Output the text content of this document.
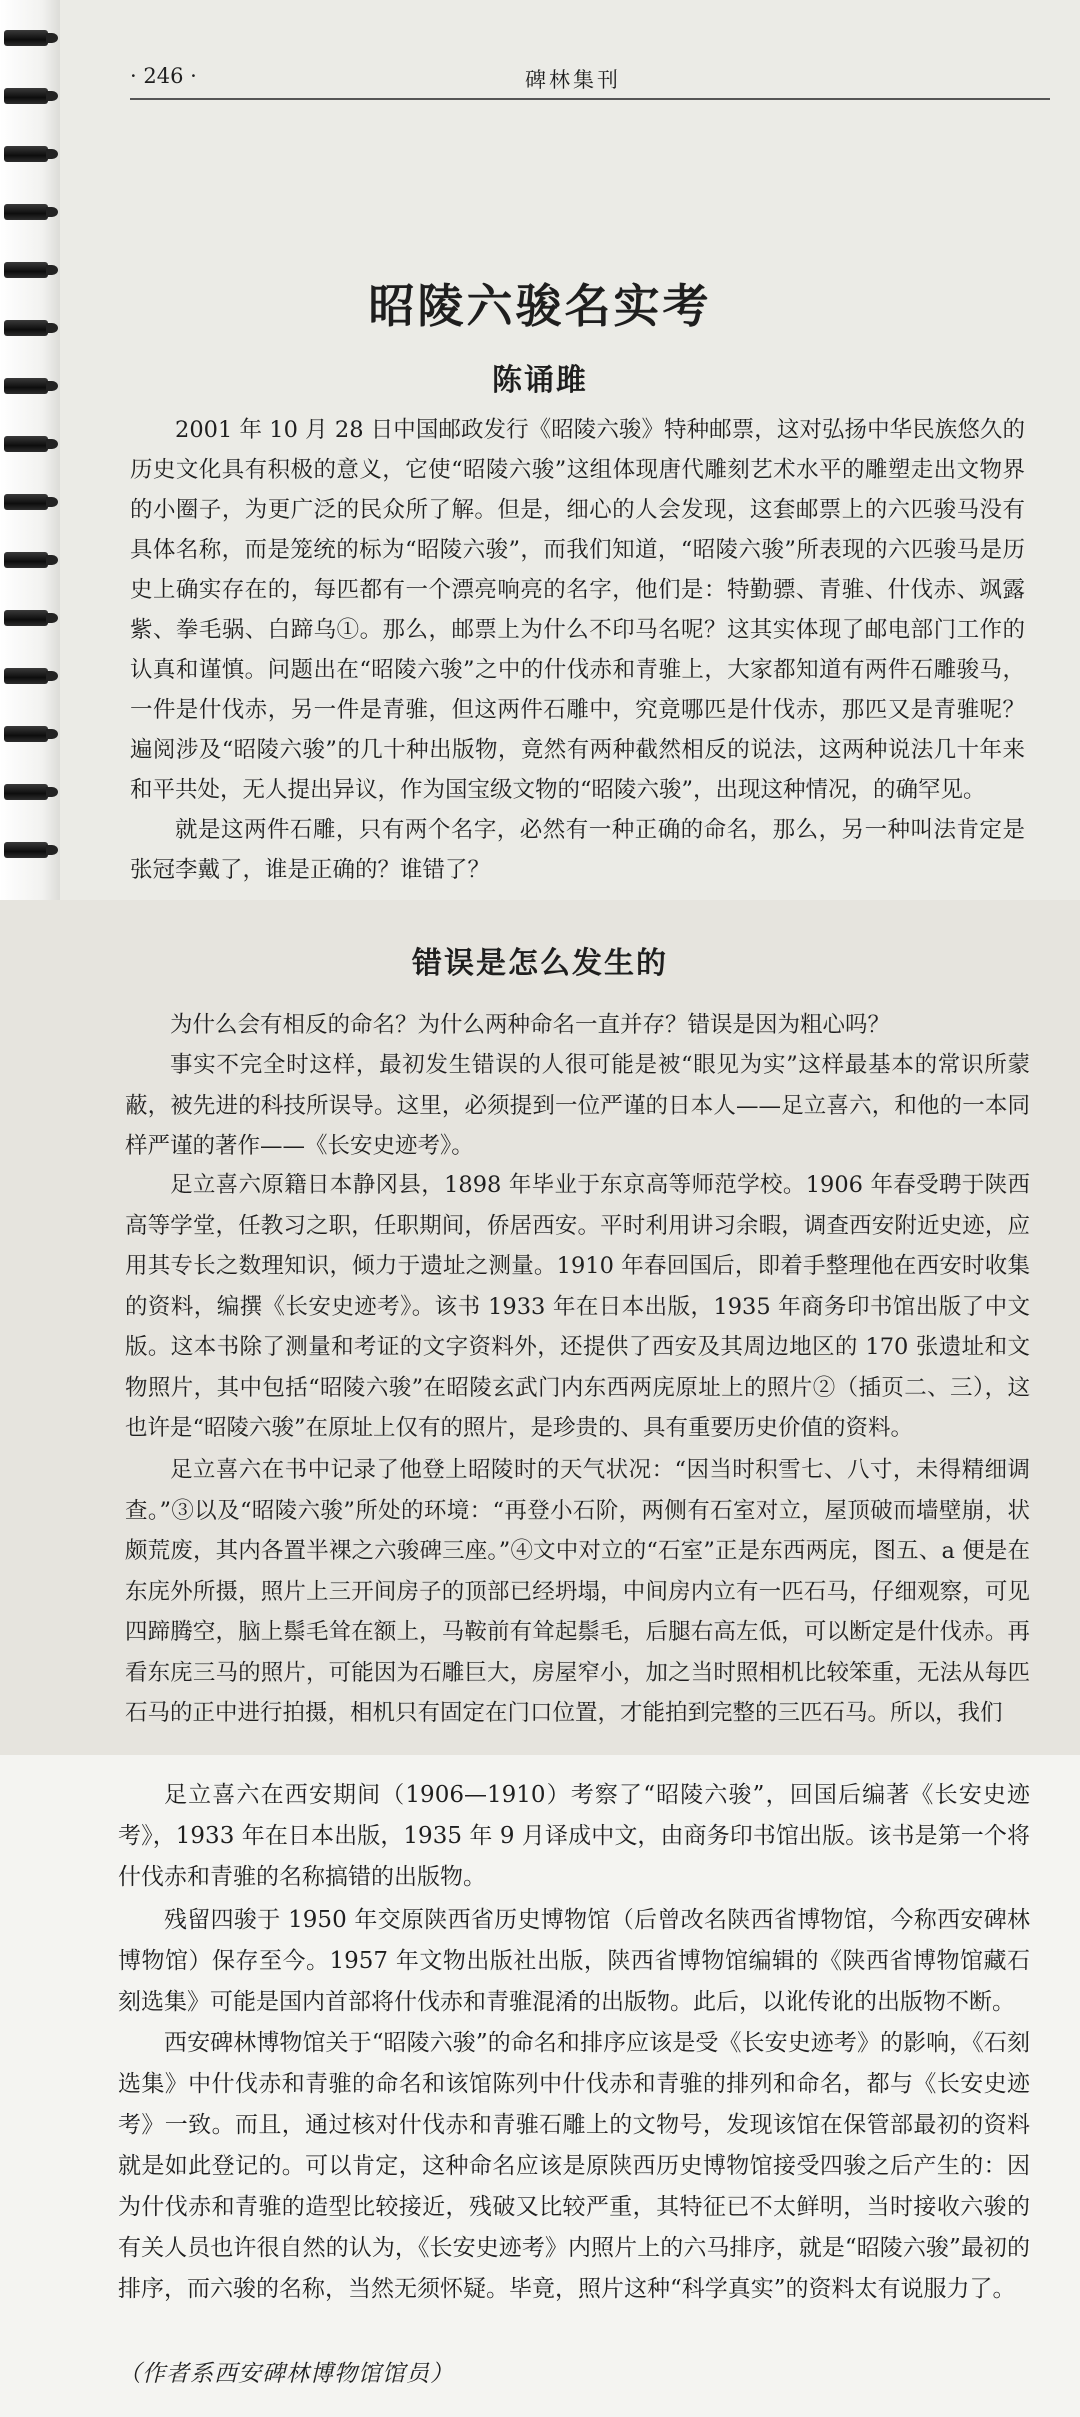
· 246 ·	碑林集刊
昭陵六骏名实考
陈诵雎

2001 年 10 月 28 日中国邮政发行《昭陵六骏》特种邮票，这对弘扬中华民族悠久的历史文化具有积极的意义，它使“昭陵六骏”这组体现唐代雕刻艺术水平的雕塑走出文物界的小圈子，为更广泛的民众所了解。但是，细心的人会发现，这套邮票上的六匹骏马没有具体名称，而是笼统的标为“昭陵六骏”，而我们知道，“昭陵六骏”所表现的六匹骏马是历史上确实存在的，每匹都有一个漂亮响亮的名字，他们是：特勤骠、青骓、什伐赤、飒露紫、拳毛䯄、白蹄乌①。那么，邮票上为什么不印马名呢？这其实体现了邮电部门工作的认真和谨慎。问题出在“昭陵六骏”之中的什伐赤和青骓上，大家都知道有两件石雕骏马，一件是什伐赤，另一件是青骓，但这两件石雕中，究竟哪匹是什伐赤，那匹又是青骓呢？遍阅涉及“昭陵六骏”的几十种出版物，竟然有两种截然相反的说法，这两种说法几十年来和平共处，无人提出异议，作为国宝级文物的“昭陵六骏”，出现这种情况，的确罕见。

就是这两件石雕，只有两个名字，必然有一种正确的命名，那么，另一种叫法肯定是张冠李戴了，谁是正确的？谁错了？

错误是怎么发生的

为什么会有相反的命名？为什么两种命名一直并存？错误是因为粗心吗？

事实不完全时这样，最初发生错误的人很可能是被“眼见为实”这样最基本的常识所蒙蔽，被先进的科技所误导。这里，必须提到一位严谨的日本人——足立喜六，和他的一本同样严谨的著作——《长安史迹考》。

足立喜六原籍日本静冈县，1898 年毕业于东京高等师范学校。1906 年春受聘于陕西高等学堂，任教习之职，任职期间，侨居西安。平时利用讲习余暇，调查西安附近史迹，应用其专长之数理知识，倾力于遗址之测量。1910 年春回国后，即着手整理他在西安时收集的资料，编撰《长安史迹考》。该书 1933 年在日本出版，1935 年商务印书馆出版了中文版。这本书除了测量和考证的文字资料外，还提供了西安及其周边地区的 170 张遗址和文物照片，其中包括“昭陵六骏”在昭陵玄武门内东西两庑原址上的照片②（插页二、三），这也许是“昭陵六骏”在原址上仅有的照片，是珍贵的、具有重要历史价值的资料。

足立喜六在书中记录了他登上昭陵时的天气状况：“因当时积雪七、八寸，未得精细调查。”③以及“昭陵六骏”所处的环境：“再登小石阶，两侧有石室对立，屋顶破而墙壁崩，状颇荒废，其内各置半裸之六骏碑三座。”④文中对立的“石室”正是东西两庑，图五、a 便是在东庑外所摄，照片上三开间房子的顶部已经坍塌，中间房内立有一匹石马，仔细观察，可见四蹄腾空，脑上鬃毛耸在额上，马鞍前有耸起鬃毛，后腿右高左低，可以断定是什伐赤。再看东庑三马的照片，可能因为石雕巨大，房屋窄小，加之当时照相机比较笨重，无法从每匹石马的正中进行拍摄，相机只有固定在门口位置，才能拍到完整的三匹石马。所以，我们

足立喜六在西安期间（1906—1910）考察了“昭陵六骏”，回国后编著《长安史迹考》，1933 年在日本出版，1935 年 9 月译成中文，由商务印书馆出版。该书是第一个将什伐赤和青骓的名称搞错的出版物。

残留四骏于 1950 年交原陕西省历史博物馆（后曾改名陕西省博物馆，今称西安碑林博物馆）保存至今。1957 年文物出版社出版，陕西省博物馆编辑的《陕西省博物馆藏石刻选集》可能是国内首部将什伐赤和青骓混淆的出版物。此后，以讹传讹的出版物不断。

西安碑林博物馆关于“昭陵六骏”的命名和排序应该是受《长安史迹考》的影响，《石刻选集》中什伐赤和青骓的命名和该馆陈列中什伐赤和青骓的排列和命名，都与《长安史迹考》一致。而且，通过核对什伐赤和青骓石雕上的文物号，发现该馆在保管部最初的资料就是如此登记的。可以肯定，这种命名应该是原陕西历史博物馆接受四骏之后产生的：因为什伐赤和青骓的造型比较接近，残破又比较严重，其特征已不太鲜明，当时接收六骏的有关人员也许很自然的认为，《长安史迹考》内照片上的六马排序，就是“昭陵六骏”最初的排序，而六骏的名称，当然无须怀疑。毕竟，照片这种“科学真实”的资料太有说服力了。

（作者系西安碑林博物馆馆员）
